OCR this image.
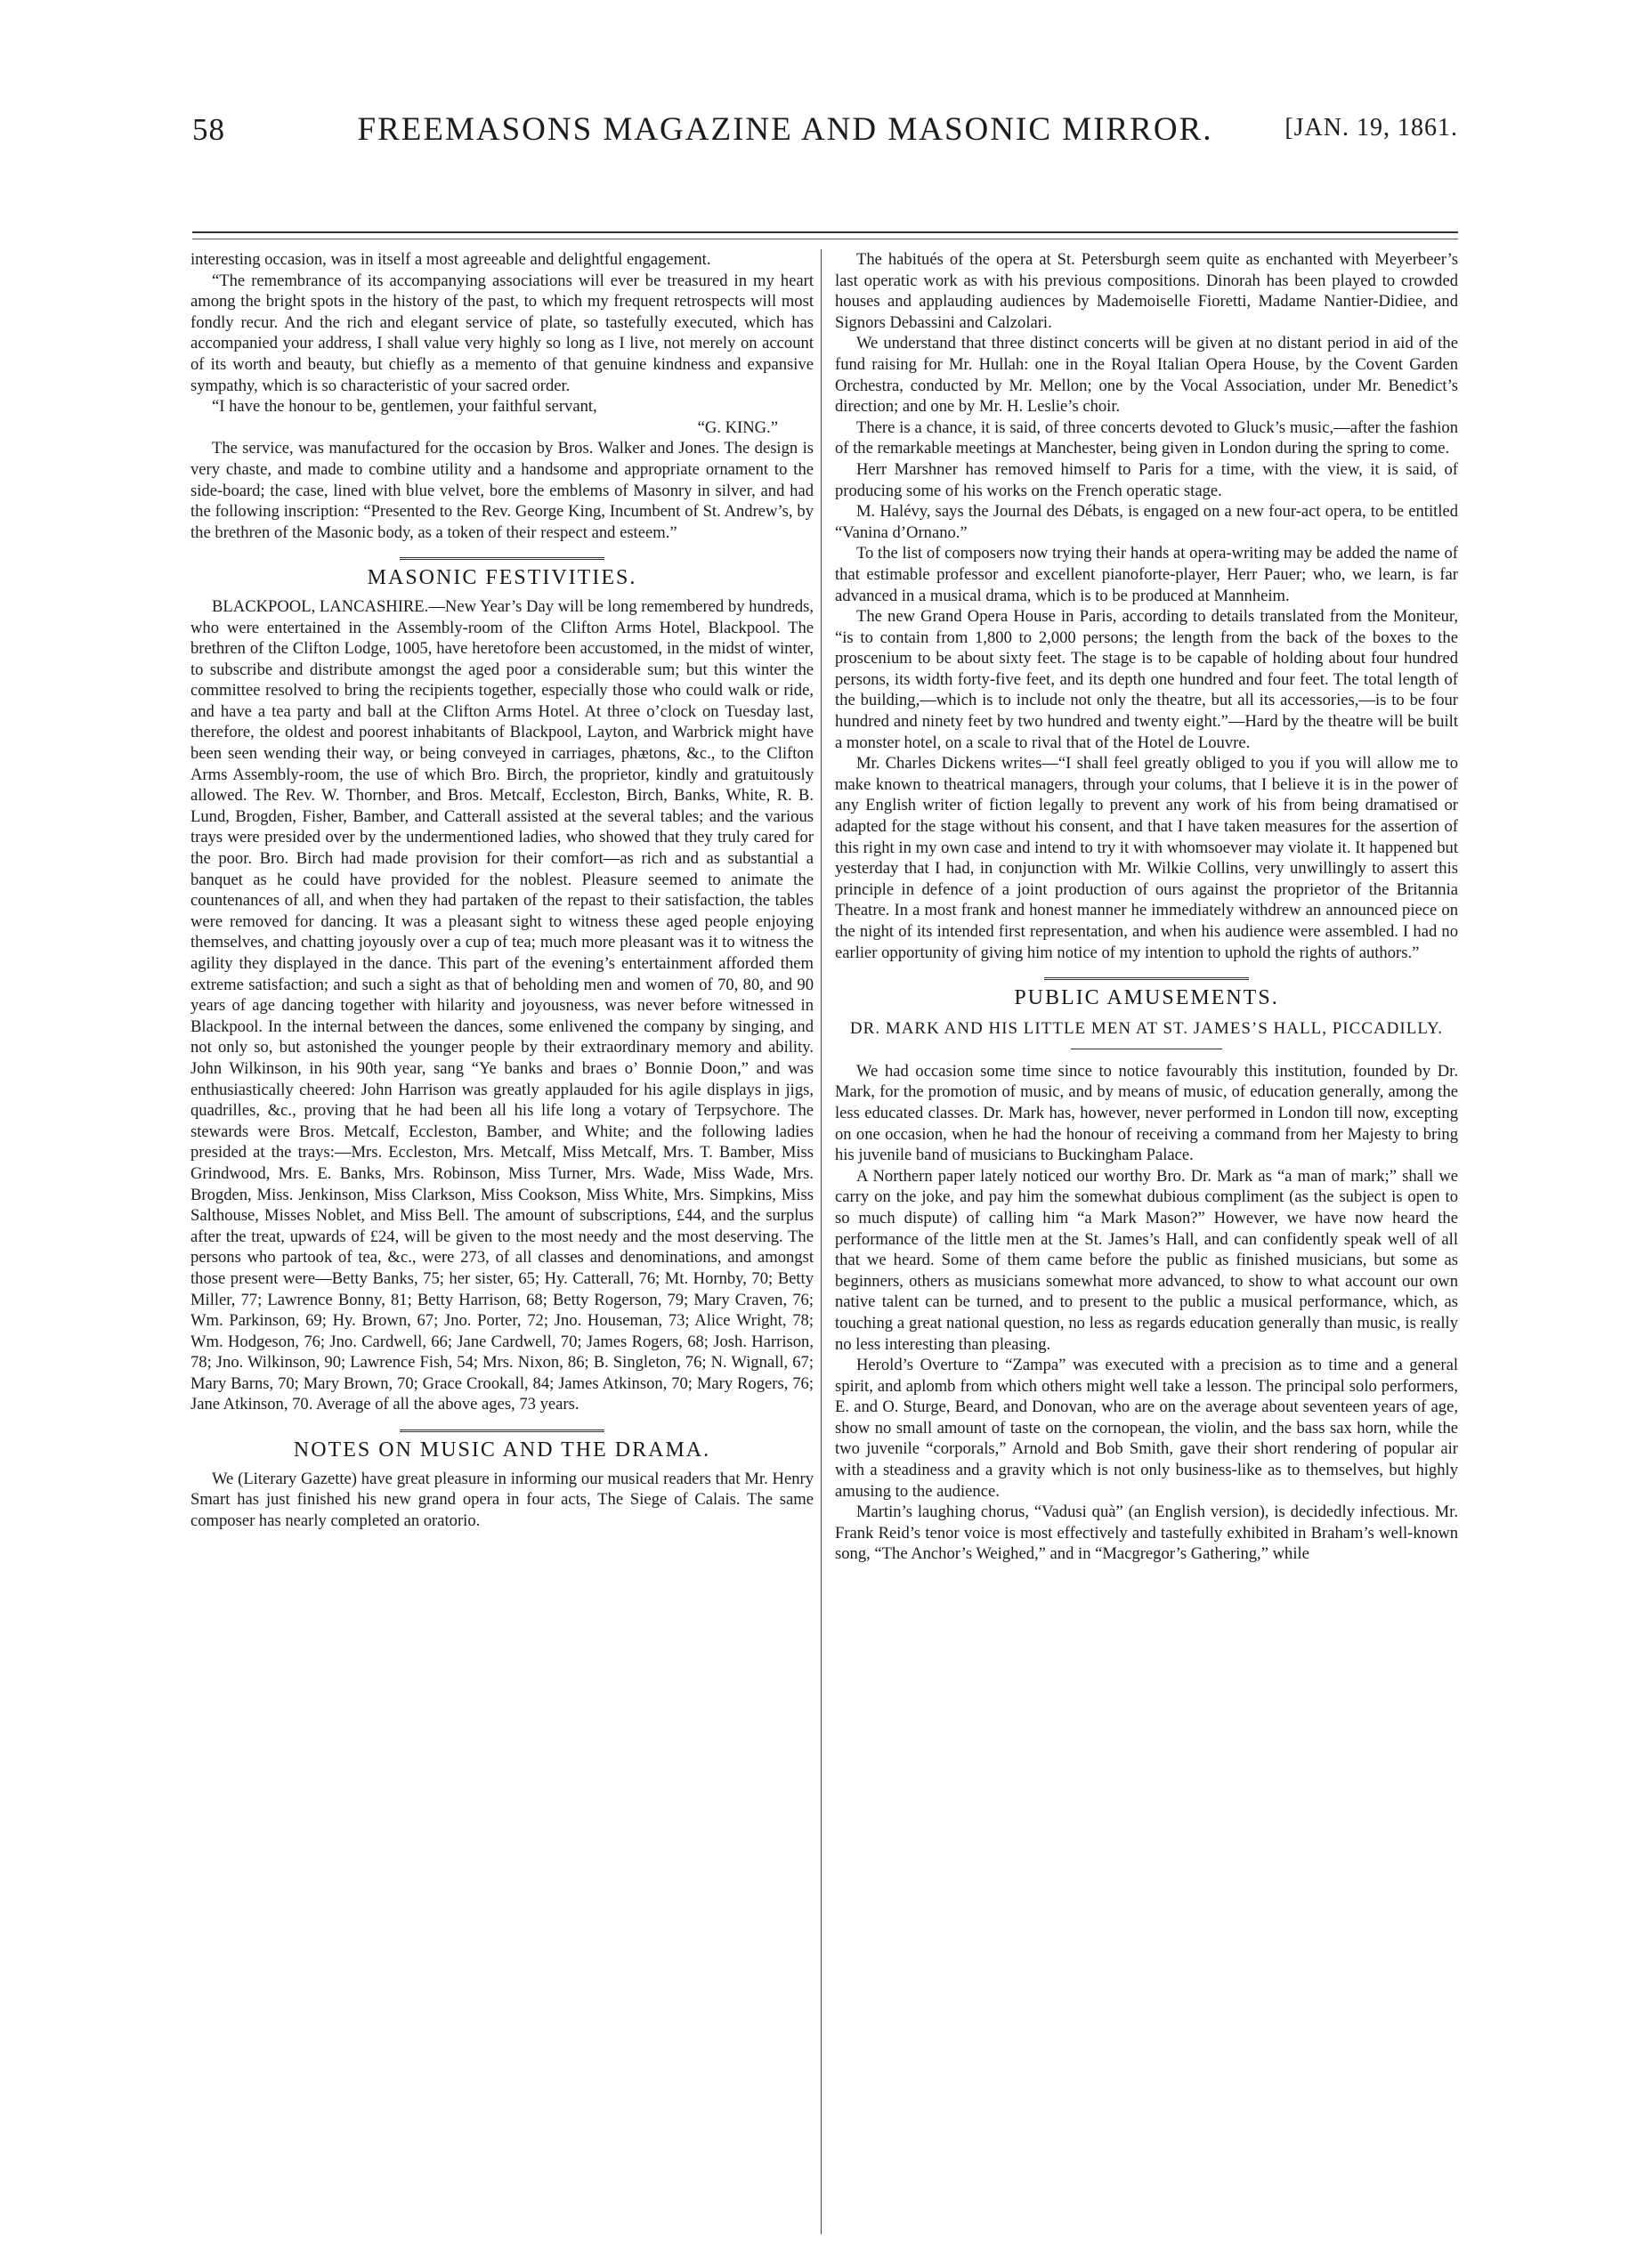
58	FREEMASONS MAGAZINE AND MASONIC MIRROR.	[JAN. 19, 1861.

interesting occasion, was in itself a most agreeable and delightful engagement.

“The remembrance of its accompanying associations will ever be treasured in my heart among the bright spots in the history of the past, to which my frequent retrospects will most fondly recur. And the rich and elegant service of plate, so tastefully executed, which has accompanied your address, I shall value very highly so long as I live, not merely on account of its worth and beauty, but chiefly as a memento of that genuine kindness and expansive sympathy, which is so characteristic of your sacred order.

“I have the honour to be, gentlemen, your faithful servant,

“G. KING.”

The service, was manufactured for the occasion by Bros. Walker and Jones. The design is very chaste, and made to combine utility and a handsome and appropriate ornament to the side-board; the case, lined with blue velvet, bore the emblems of Masonry in silver, and had the following inscription: “Presented to the Rev. George King, Incumbent of St. Andrew’s, by the brethren of the Masonic body, as a token of their respect and esteem.”

MASONIC FESTIVITIES.

BLACKPOOL, LANCASHIRE.—New Year’s Day will be long remembered by hundreds, who were entertained in the Assembly-room of the Clifton Arms Hotel, Blackpool. The brethren of the Clifton Lodge, 1005, have heretofore been accustomed, in the midst of winter, to subscribe and distribute amongst the aged poor a considerable sum; but this winter the committee resolved to bring the recipients together, especially those who could walk or ride, and have a tea party and ball at the Clifton Arms Hotel. At three o’clock on Tuesday last, therefore, the oldest and poorest inhabitants of Blackpool, Layton, and Warbrick might have been seen wending their way, or being conveyed in carriages, phætons, &c., to the Clifton Arms Assembly-room, the use of which Bro. Birch, the proprietor, kindly and gratuitously allowed. The Rev. W. Thornber, and Bros. Metcalf, Eccleston, Birch, Banks, White, R. B. Lund, Brogden, Fisher, Bamber, and Catterall assisted at the several tables; and the various trays were presided over by the undermentioned ladies, who showed that they truly cared for the poor. Bro. Birch had made provision for their comfort—as rich and as substantial a banquet as he could have provided for the noblest. Pleasure seemed to animate the countenances of all, and when they had partaken of the repast to their satisfaction, the tables were removed for dancing. It was a pleasant sight to witness these aged people enjoying themselves, and chatting joyously over a cup of tea; much more pleasant was it to witness the agility they displayed in the dance. This part of the evening’s entertainment afforded them extreme satisfaction; and such a sight as that of beholding men and women of 70, 80, and 90 years of age dancing together with hilarity and joyousness, was never before witnessed in Blackpool. In the internal between the dances, some enlivened the company by singing, and not only so, but astonished the younger people by their extraordinary memory and ability. John Wilkinson, in his 90th year, sang “Ye banks and braes o’ Bonnie Doon,” and was enthusiastically cheered: John Harrison was greatly applauded for his agile displays in jigs, quadrilles, &c., proving that he had been all his life long a votary of Terpsychore. The stewards were Bros. Metcalf, Eccleston, Bamber, and White; and the following ladies presided at the trays:—Mrs. Eccleston, Mrs. Metcalf, Miss Metcalf, Mrs. T. Bamber, Miss Grindwood, Mrs. E. Banks, Mrs. Robinson, Miss Turner, Mrs. Wade, Miss Wade, Mrs. Brogden, Miss. Jenkinson, Miss Clarkson, Miss Cookson, Miss White, Mrs. Simpkins, Miss Salthouse, Misses Noblet, and Miss Bell. The amount of subscriptions, £44, and the surplus after the treat, upwards of £24, will be given to the most needy and the most deserving. The persons who partook of tea, &c., were 273, of all classes and denominations, and amongst those present were—Betty Banks, 75; her sister, 65; Hy. Catterall, 76; Mt. Hornby, 70; Betty Miller, 77; Lawrence Bonny, 81; Betty Harrison, 68; Betty Rogerson, 79; Mary Craven, 76; Wm. Parkinson, 69; Hy. Brown, 67; Jno. Porter, 72; Jno. Houseman, 73; Alice Wright, 78; Wm. Hodgeson, 76; Jno. Cardwell, 66; Jane Cardwell, 70; James Rogers, 68; Josh. Harrison, 78; Jno. Wilkinson, 90; Lawrence Fish, 54; Mrs. Nixon, 86; B. Singleton, 76; N. Wignall, 67; Mary Barns, 70; Mary Brown, 70; Grace Crookall, 84; James Atkinson, 70; Mary Rogers, 76; Jane Atkinson, 70. Average of all the above ages, 73 years.

NOTES ON MUSIC AND THE DRAMA.

We (Literary Gazette) have great pleasure in informing our musical readers that Mr. Henry Smart has just finished his new grand opera in four acts, The Siege of Calais. The same composer has nearly completed an oratorio.

The habitués of the opera at St. Petersburgh seem quite as enchanted with Meyerbeer’s last operatic work as with his previous compositions. Dinorah has been played to crowded houses and applauding audiences by Mademoiselle Fioretti, Madame Nantier-Didiee, and Signors Debassini and Calzolari.

We understand that three distinct concerts will be given at no distant period in aid of the fund raising for Mr. Hullah: one in the Royal Italian Opera House, by the Covent Garden Orchestra, conducted by Mr. Mellon; one by the Vocal Association, under Mr. Benedict’s direction; and one by Mr. H. Leslie’s choir.

There is a chance, it is said, of three concerts devoted to Gluck’s music,—after the fashion of the remarkable meetings at Manchester, being given in London during the spring to come.

Herr Marshner has removed himself to Paris for a time, with the view, it is said, of producing some of his works on the French operatic stage.

M. Halévy, says the Journal des Débats, is engaged on a new four-act opera, to be entitled “Vanina d’Ornano.”

To the list of composers now trying their hands at opera-writing may be added the name of that estimable professor and excellent pianoforte-player, Herr Pauer; who, we learn, is far advanced in a musical drama, which is to be produced at Mannheim.

The new Grand Opera House in Paris, according to details translated from the Moniteur, “is to contain from 1,800 to 2,000 persons; the length from the back of the boxes to the proscenium to be about sixty feet. The stage is to be capable of holding about four hundred persons, its width forty-five feet, and its depth one hundred and four feet. The total length of the building,—which is to include not only the theatre, but all its accessories,—is to be four hundred and ninety feet by two hundred and twenty eight.”—Hard by the theatre will be built a monster hotel, on a scale to rival that of the Hotel de Louvre.

Mr. Charles Dickens writes—“I shall feel greatly obliged to you if you will allow me to make known to theatrical managers, through your colums, that I believe it is in the power of any English writer of fiction legally to prevent any work of his from being dramatised or adapted for the stage without his consent, and that I have taken measures for the assertion of this right in my own case and intend to try it with whomsoever may violate it. It happened but yesterday that I had, in conjunction with Mr. Wilkie Collins, very unwillingly to assert this principle in defence of a joint production of ours against the proprietor of the Britannia Theatre. In a most frank and honest manner he immediately withdrew an announced piece on the night of its intended first representation, and when his audience were assembled. I had no earlier opportunity of giving him notice of my intention to uphold the rights of authors.”

PUBLIC AMUSEMENTS.
DR. MARK AND HIS LITTLE MEN AT ST. JAMES’S HALL, PICCADILLY.

We had occasion some time since to notice favourably this institution, founded by Dr. Mark, for the promotion of music, and by means of music, of education generally, among the less educated classes. Dr. Mark has, however, never performed in London till now, excepting on one occasion, when he had the honour of receiving a command from her Majesty to bring his juvenile band of musicians to Buckingham Palace.

A Northern paper lately noticed our worthy Bro. Dr. Mark as “a man of mark;” shall we carry on the joke, and pay him the somewhat dubious compliment (as the subject is open to so much dispute) of calling him “a Mark Mason?” However, we have now heard the performance of the little men at the St. James’s Hall, and can confidently speak well of all that we heard. Some of them came before the public as finished musicians, but some as beginners, others as musicians somewhat more advanced, to show to what account our own native talent can be turned, and to present to the public a musical performance, which, as touching a great national question, no less as regards education generally than music, is really no less interesting than pleasing.

Herold’s Overture to “Zampa” was executed with a precision as to time and a general spirit, and aplomb from which others might well take a lesson. The principal solo performers, E. and O. Sturge, Beard, and Donovan, who are on the average about seventeen years of age, show no small amount of taste on the cornopean, the violin, and the bass sax horn, while the two juvenile “corporals,” Arnold and Bob Smith, gave their short rendering of popular air with a steadiness and a gravity which is not only business-like as to themselves, but highly amusing to the audience.

Martin’s laughing chorus, “Vadusi quà” (an English version), is decidedly infectious. Mr. Frank Reid’s tenor voice is most effectively and tastefully exhibited in Braham’s well-known song, “The Anchor’s Weighed,” and in “Macgregor’s Gathering,” while
